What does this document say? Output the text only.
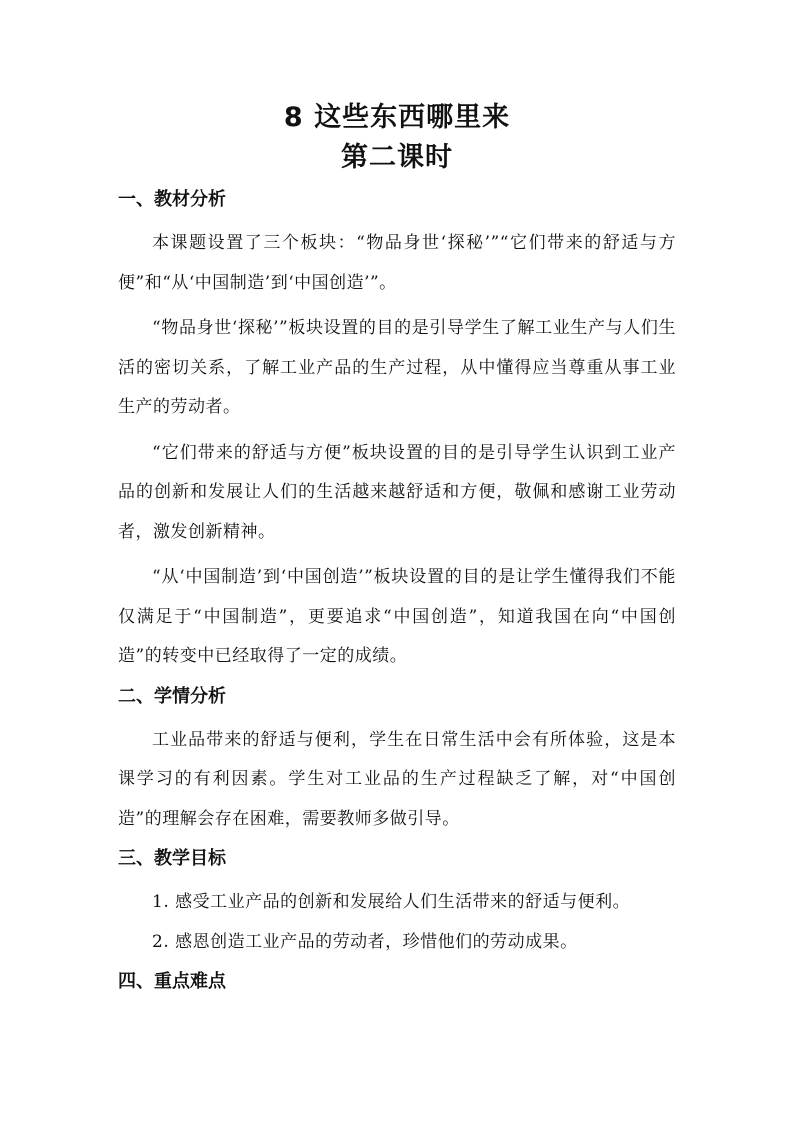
8 这些东西哪里来
第二课时
一、教材分析

本课题设置了三个板块：“物品身世‘探秘’”“它们带来的舒适与方便”和“从‘中国制造’到‘中国创造’”。

“物品身世‘探秘’”板块设置的目的是引导学生了解工业生产与人们生活的密切关系，了解工业产品的生产过程，从中懂得应当尊重从事工业生产的劳动者。

“它们带来的舒适与方便”板块设置的目的是引导学生认识到工业产品的创新和发展让人们的生活越来越舒适和方便，敬佩和感谢工业劳动者，激发创新精神。

“从‘中国制造’到‘中国创造’”板块设置的目的是让学生懂得我们不能仅满足于“中国制造”，更要追求“中国创造”，知道我国在向“中国创造”的转变中已经取得了一定的成绩。

二、学情分析

工业品带来的舒适与便利，学生在日常生活中会有所体验，这是本课学习的有利因素。学生对工业品的生产过程缺乏了解，对“中国创造”的理解会存在困难，需要教师多做引导。

三、教学目标

1. 感受工业产品的创新和发展给人们生活带来的舒适与便利。

2. 感恩创造工业产品的劳动者，珍惜他们的劳动成果。

四、重点难点
